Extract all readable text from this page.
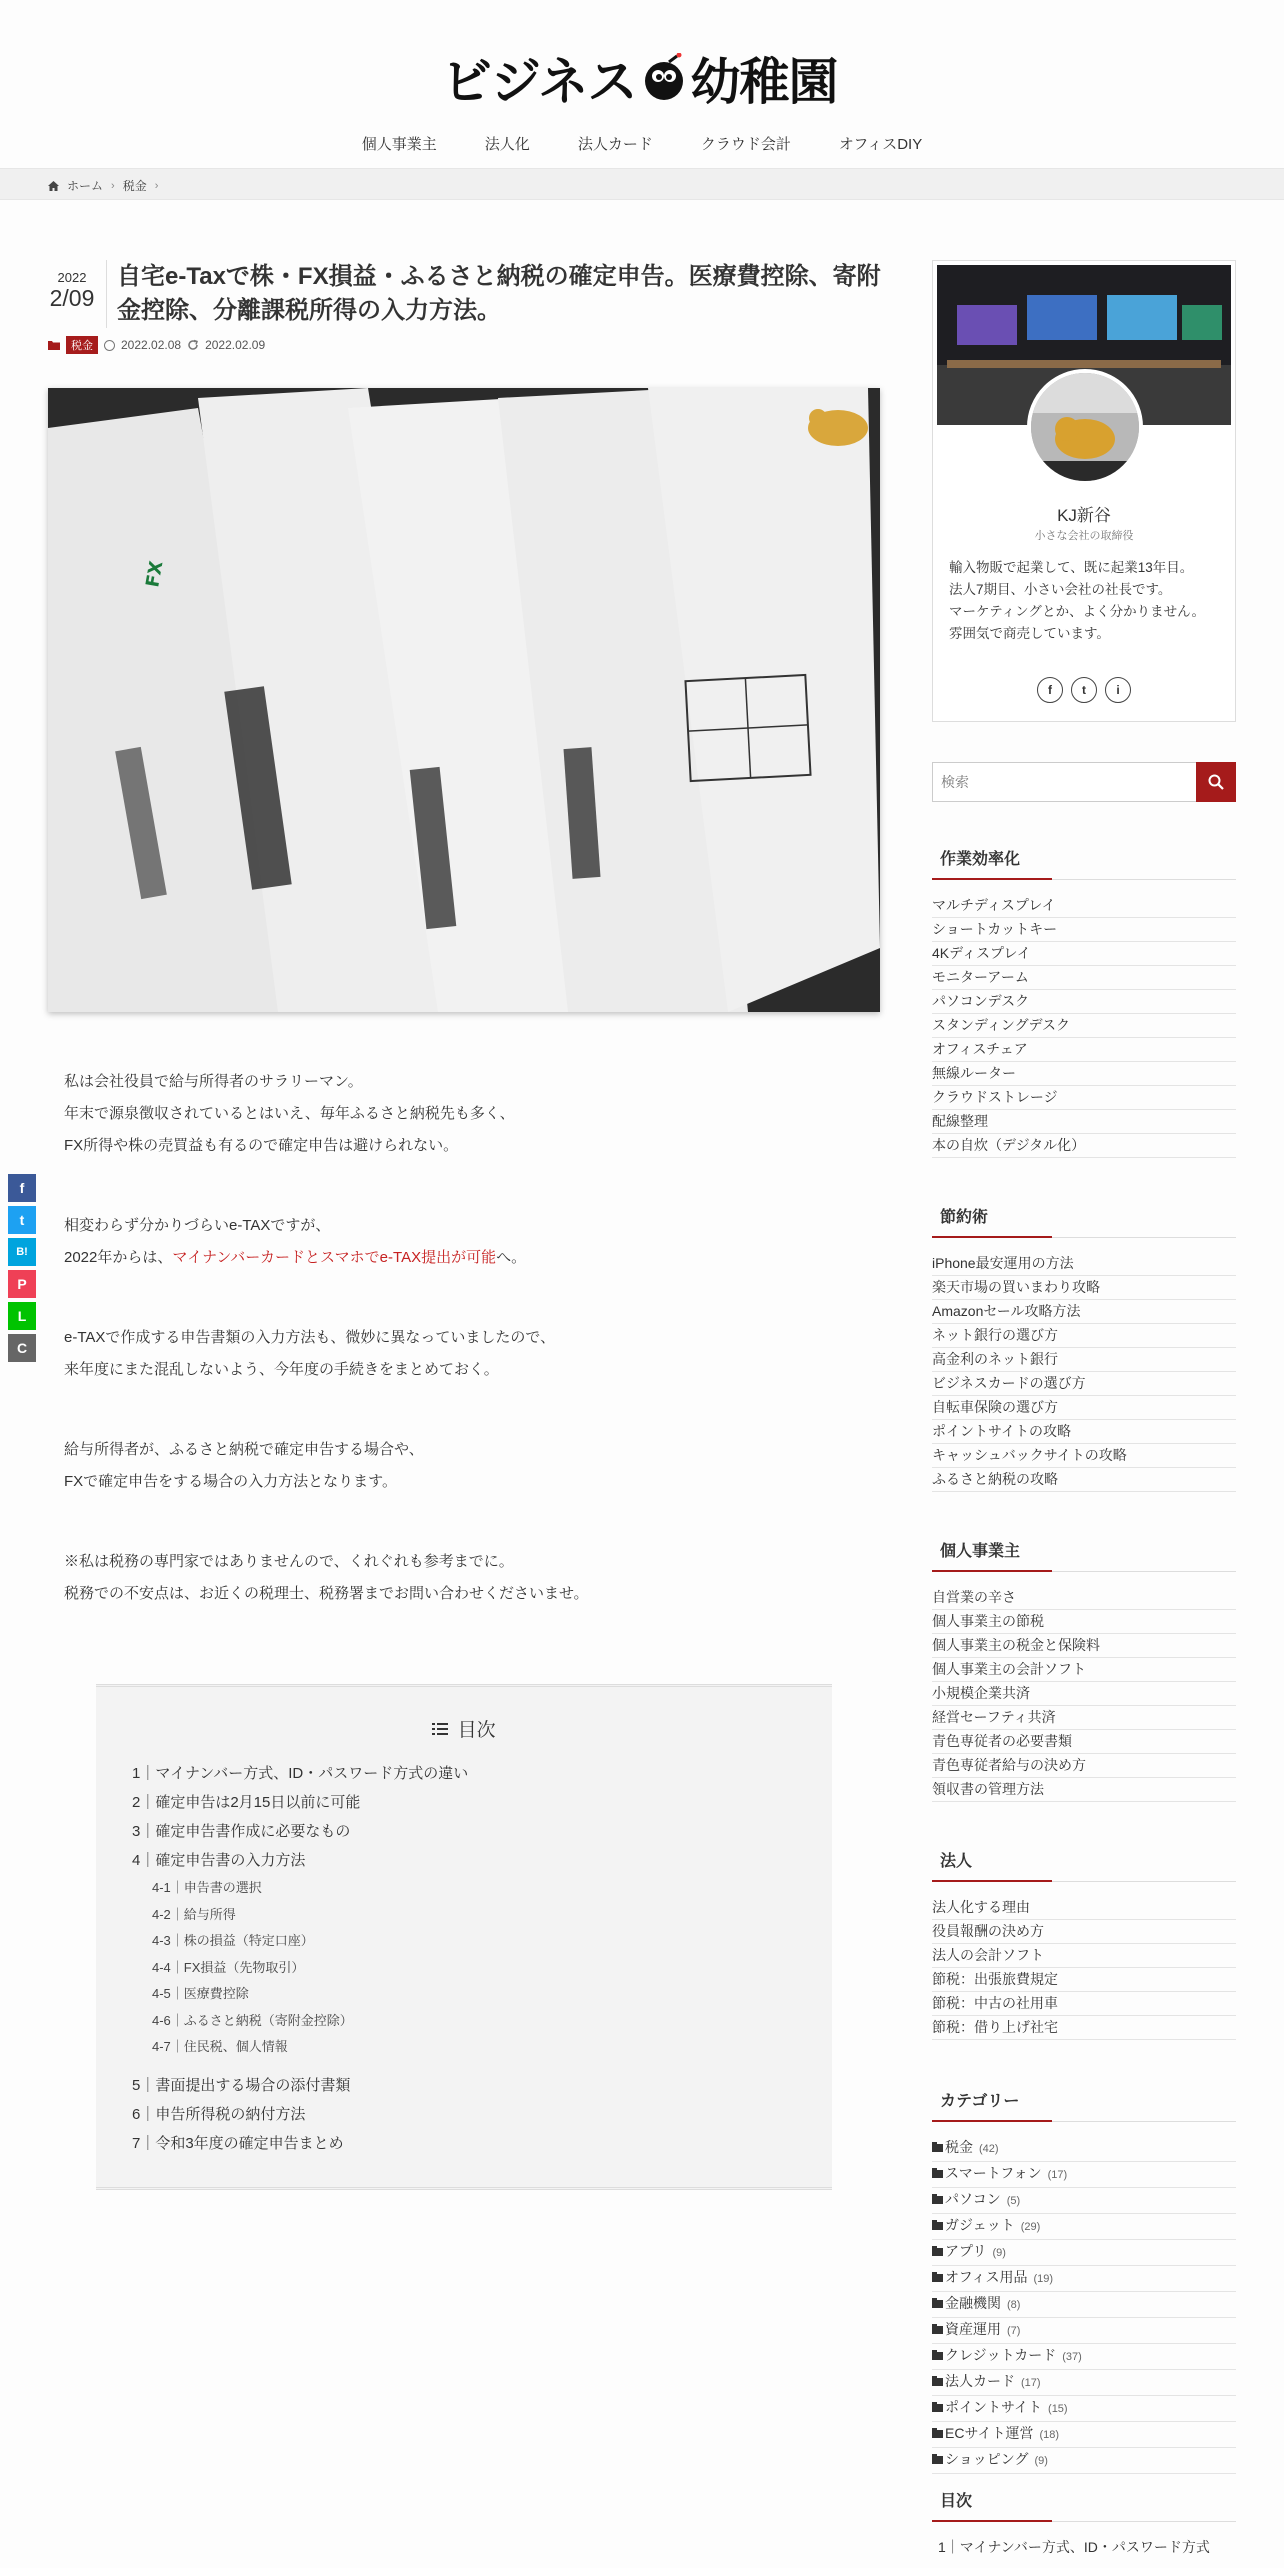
ビジネス 幼稚園
個人事業主	法人化	法人カード	クラウド会計	オフィスDIY
ホーム › 税金 ›
2022
2/09
自宅e-Taxで株・FX損益・ふるさと納税の確定申告。医療費控除、寄附金控除、分離課税所得の入力方法。
税金	2022.02.08 2022.02.09
FX

私は会社役員で給与所得者のサラリーマン。
年末で源泉徴収されているとはいえ、毎年ふるさと納税先も多く、
FX所得や株の売買益も有るので確定申告は避けられない。

相変わらず分かりづらいe-TAXですが、
2022年からは、マイナンバーカードとスマホでe-TAX提出が可能へ。

e-TAXで作成する申告書類の入力方法も、微妙に異なっていましたので、
来年度にまた混乱しないよう、今年度の手続きをまとめておく。

給与所得者が、ふるさと納税で確定申告する場合や、
FXで確定申告をする場合の入力方法となります。

※私は税務の専門家ではありませんので、くれぐれも参考までに。
税務での不安点は、お近くの税理士、税務署までお問い合わせくださいませ。

目次
1｜マイナンバー方式、ID・パスワード方式の違い
2｜確定申告は2月15日以前に可能
3｜確定申告書作成に必要なもの
4｜確定申告書の入力方法
4-1｜申告書の選択
4-2｜給与所得
4-3｜株の損益（特定口座）
4-4｜FX損益（先物取引）
4-5｜医療費控除
4-6｜ふるさと納税（寄附金控除）
4-7｜住民税、個人情報
5｜書面提出する場合の添付書類
6｜申告所得税の納付方法
7｜令和3年度の確定申告まとめ
f
t
B!
P
L
C
KJ新谷
小さな会社の取締役
輸入物販で起業して、既に起業13年目。
法人7期目、小さい会社の社長です。
マーケティングとか、よく分かりません。
雰囲気で商売しています。
f	t	i
検索
作業効率化
マルチディスプレイ
ショートカットキー
4Kディスプレイ
モニターアーム
パソコンデスク
スタンディングデスク
オフィスチェア
無線ルーター
クラウドストレージ
配線整理
本の自炊（デジタル化）
節約術
iPhone最安運用の方法
楽天市場の買いまわり攻略
Amazonセール攻略方法
ネット銀行の選び方
高金利のネット銀行
ビジネスカードの選び方
自転車保険の選び方
ポイントサイトの攻略
キャッシュバックサイトの攻略
ふるさと納税の攻略
個人事業主
自営業の辛さ
個人事業主の節税
個人事業主の税金と保険料
個人事業主の会計ソフト
小規模企業共済
経営セーフティ共済
青色専従者の必要書類
青色専従者給与の決め方
領収書の管理方法
法人
法人化する理由
役員報酬の決め方
法人の会計ソフト
節税：出張旅費規定
節税：中古の社用車
節税：借り上げ社宅
カテゴリー
税金 (42)
スマートフォン (17)
パソコン (5)
ガジェット (29)
アプリ (9)
オフィス用品 (19)
金融機関 (8)
資産運用 (7)
クレジットカード (37)
法人カード (17)
ポイントサイト (15)
ECサイト運営 (18)
ショッピング (9)
目次
1｜マイナンバー方式、ID・パスワード方式
